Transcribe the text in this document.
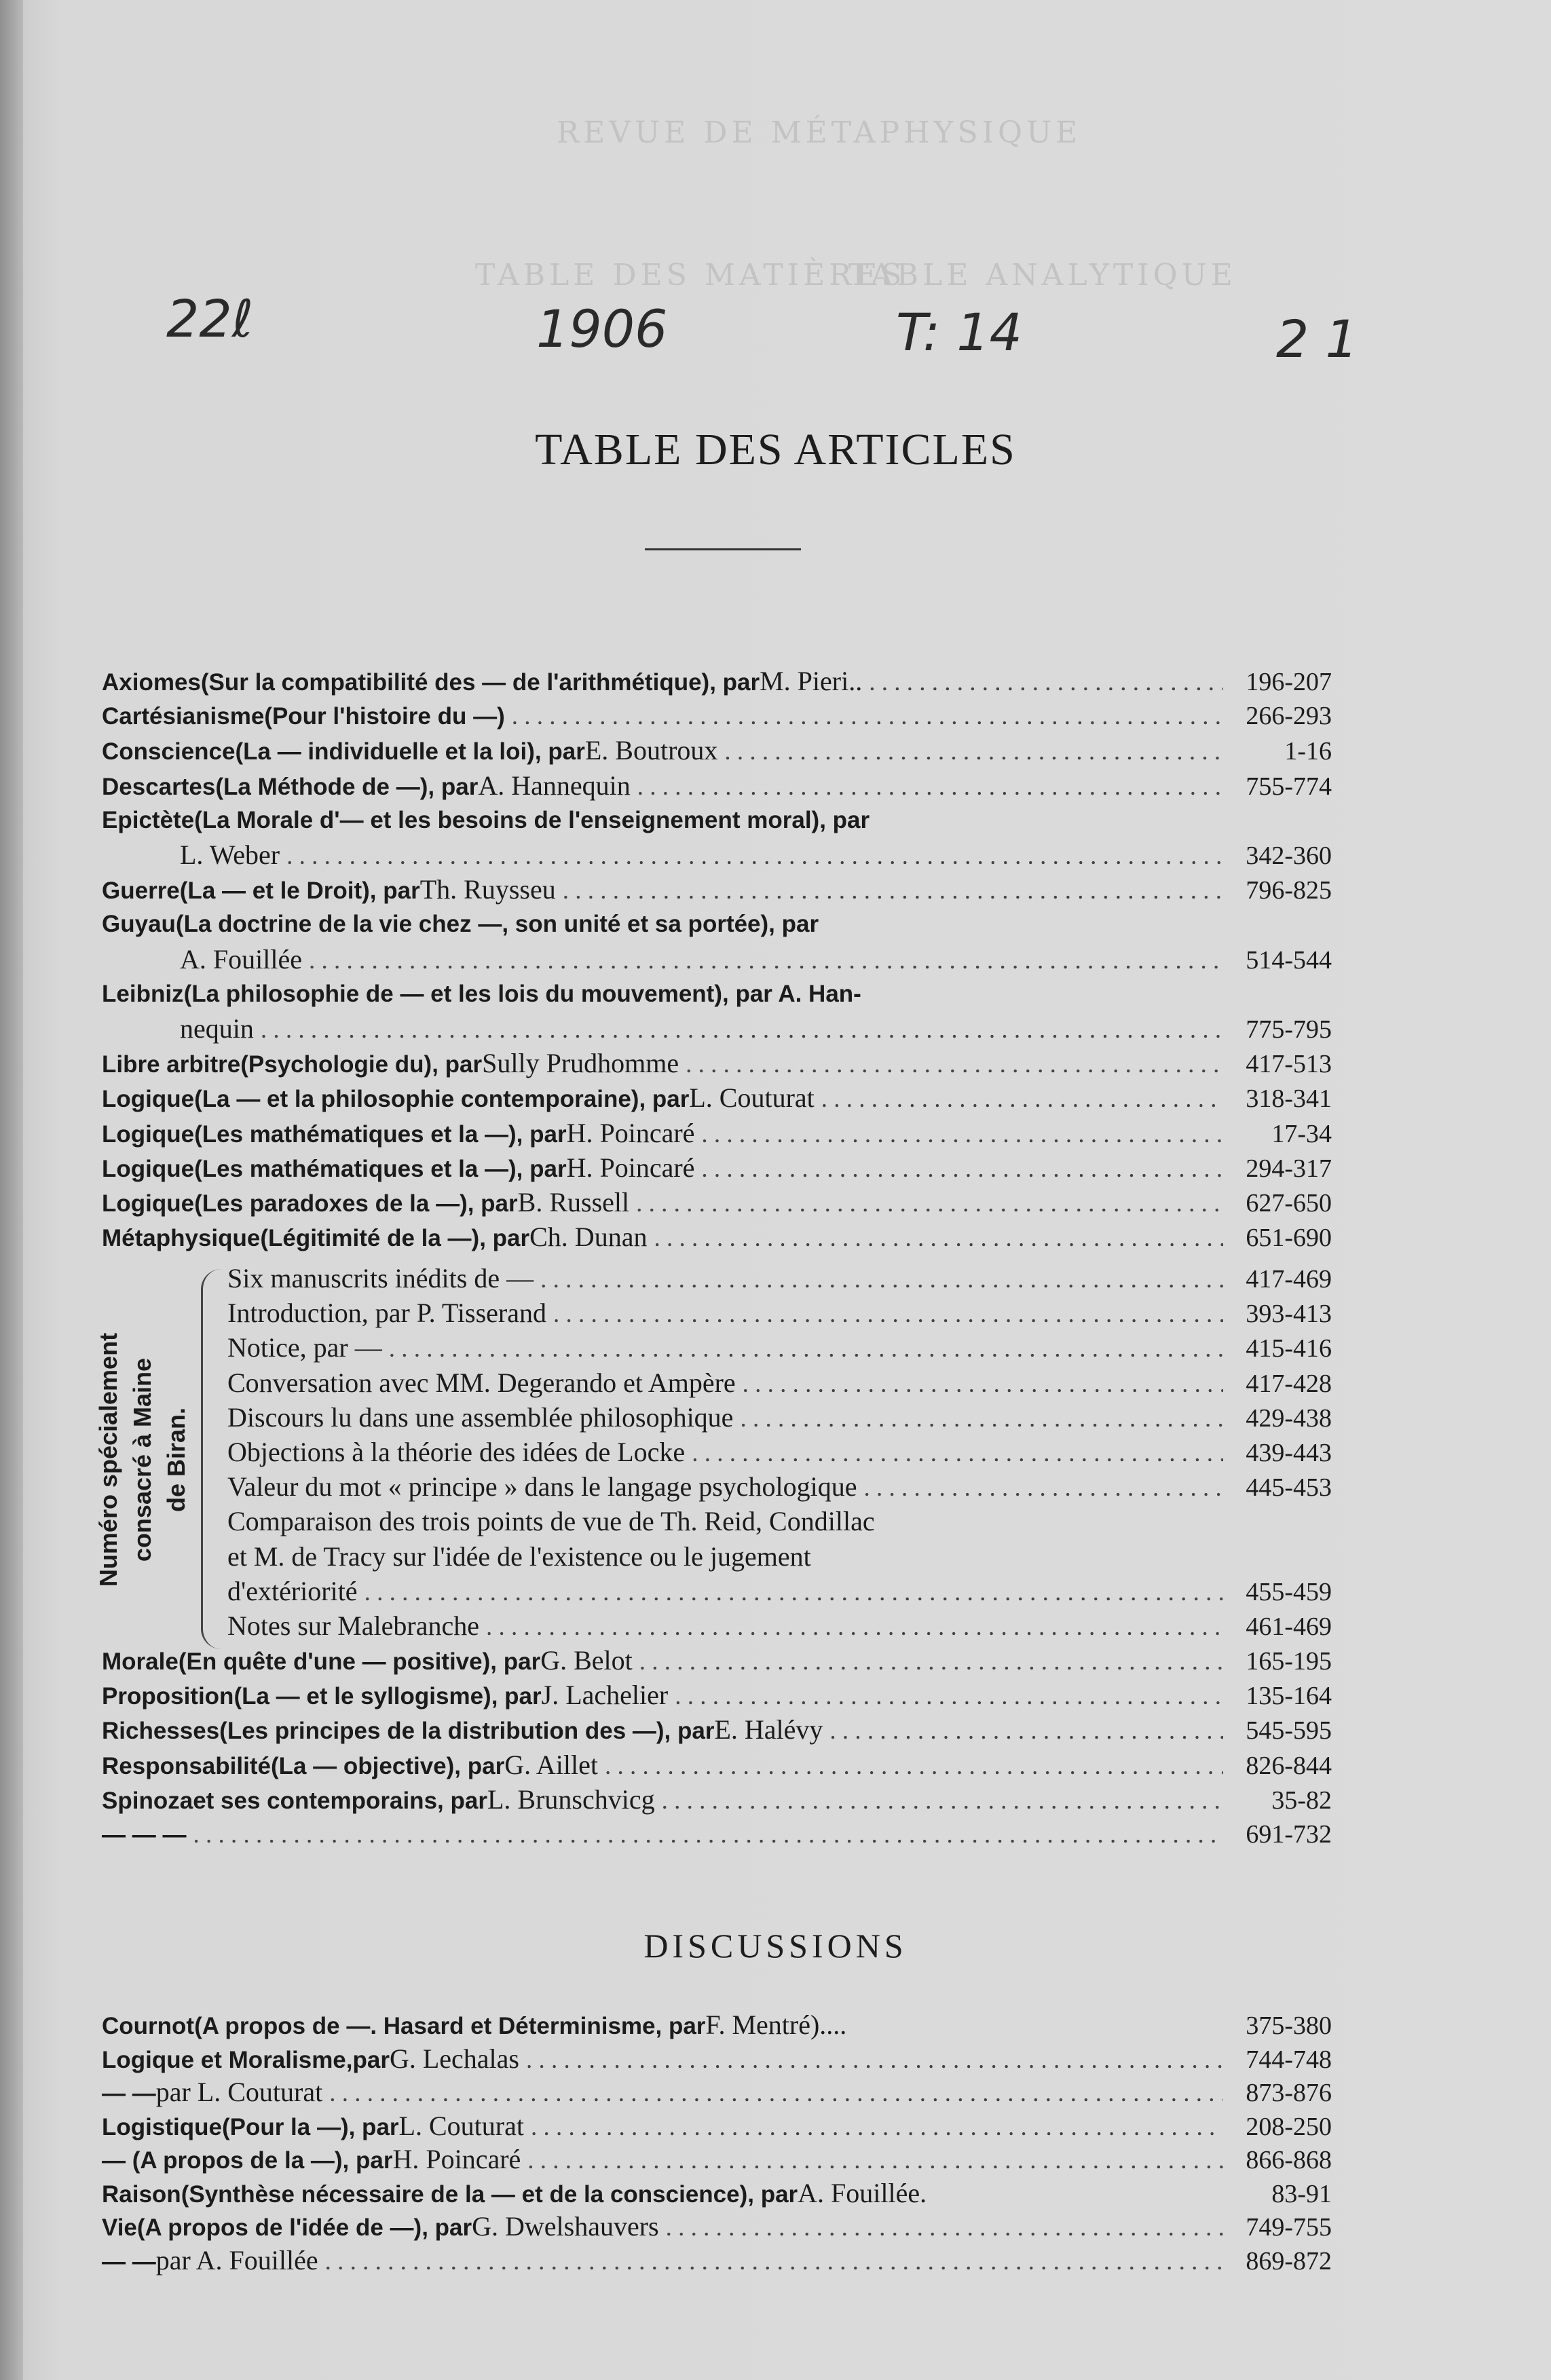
REVUE DE MÉTAPHYSIQUE
TABLE DES MATIÈRES
TABLE ANALYTIQUE
22ℓ	1906	T: 14	2 1
TABLE DES ARTICLES
Axiomes (Sur la compatibilité des — de l'arithmétique), par M. Pieri.. . . .	196-207
Cartésianisme (Pour l'histoire du —) . . .	266-293
Conscience (La — individuelle et la loi), par E. Boutroux . . .	1-16
Descartes (La Méthode de —), par A. Hannequin . . .	755-774
Epictète (La Morale d'— et les besoins de l'enseignement moral), par
L. Weber . . .	342-360
Guerre (La — et le Droit), par Th. Ruysseu . . .	796-825
Guyau (La doctrine de la vie chez —, son unité et sa portée), par
A. Fouillée . . .	514-544
Leibniz (La philosophie de — et les lois du mouvement), par A. Han-
nequin . . .	775-795
Libre arbitre (Psychologie du), par Sully Prudhomme . . .	417-513
Logique (La — et la philosophie contemporaine), par L. Couturat . . .	318-341
Logique (Les mathématiques et la —), par H. Poincaré . . .	17-34
Logique (Les mathématiques et la —), par H. Poincaré . . .	294-317
Logique (Les paradoxes de la —), par B. Russell . . .	627-650
Métaphysique (Légitimité de la —), par Ch. Dunan . . .	651-690
Numéro spécialement consacré à Maine de Biran.
Six manuscrits inédits de — . . .	417-469
Introduction, par P. Tisserand . . .	393-413
Notice, par — . . .	415-416
Conversation avec MM. Degerando et Ampère . . .	417-428
Discours lu dans une assemblée philosophique . . .	429-438
Objections à la théorie des idées de Locke . . .	439-443
Valeur du mot « principe » dans le langage psychologique . . .	445-453
Comparaison des trois points de vue de Th. Reid, Condillac
et M. de Tracy sur l'idée de l'existence ou le jugement
d'extériorité . . .	455-459
Notes sur Malebranche . . .	461-469
Morale (En quête d'une — positive), par G. Belot . . .	165-195
Proposition (La — et le syllogisme), par J. Lachelier . . .	135-164
Richesses (Les principes de la distribution des —), par E. Halévy . . .	545-595
Responsabilité (La — objective), par G. Aillet . . .	826-844
Spinoza et ses contemporains, par L. Brunschvicg . . .	35-82
— — — . . .	691-732
DISCUSSIONS
Cournot (A propos de —. Hasard et Déterminisme, par F. Mentré)....	375-380
Logique et Moralisme, par G. Lechalas . . .	744-748
— — par L. Couturat . . .	873-876
Logistique (Pour la —), par L. Couturat . . .	208-250
— (A propos de la —), par H. Poincaré . . .	866-868
Raison (Synthèse nécessaire de la — et de la conscience), par A. Fouillée.	83-91
Vie (A propos de l'idée de —), par G. Dwelshauvers . . .	749-755
— — par A. Fouillée . . .	869-872
